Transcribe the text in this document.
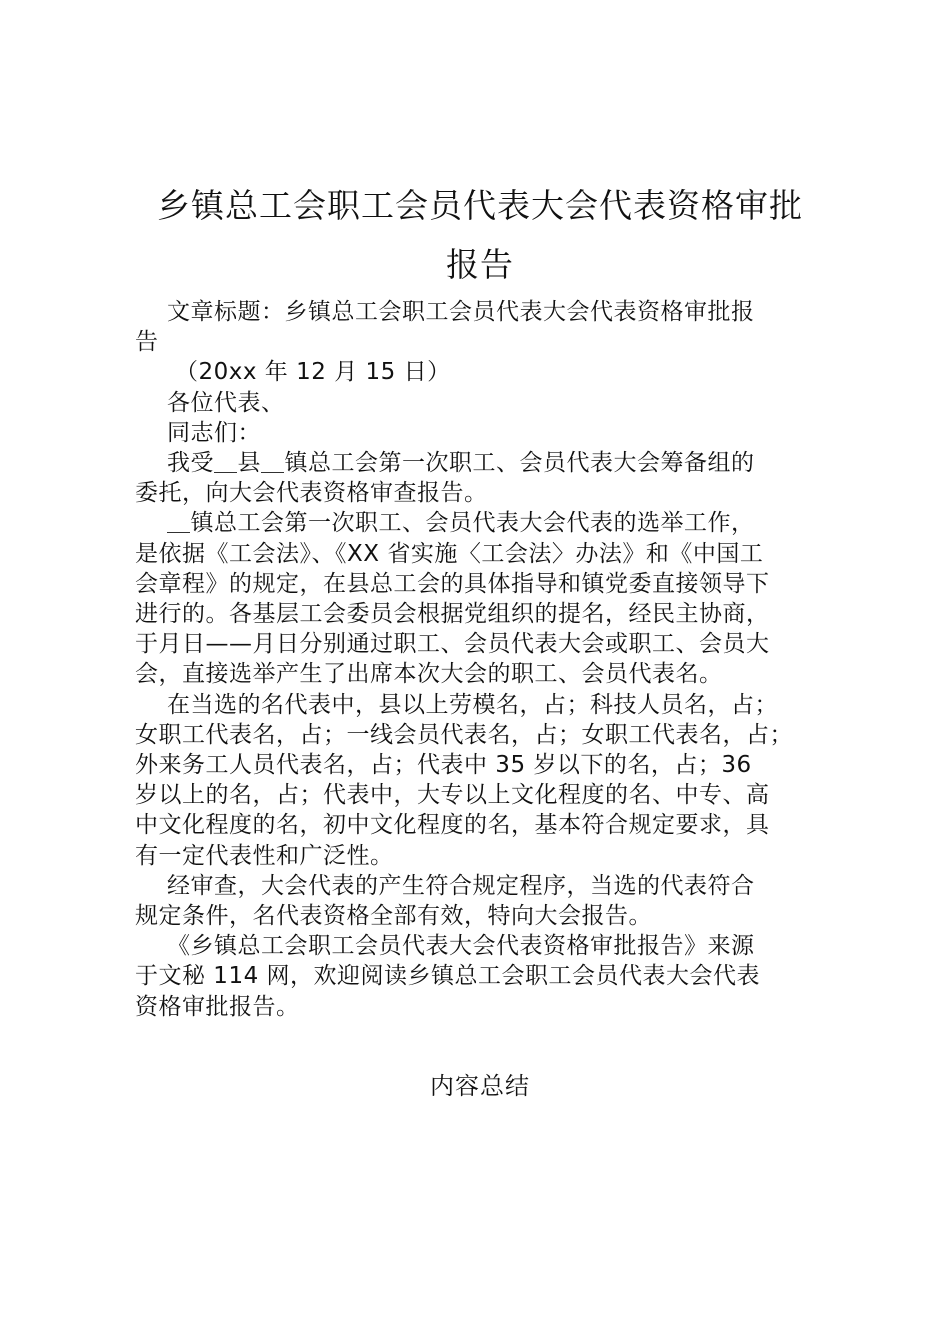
乡镇总工会职工会员代表大会代表资格审批
报告

文章标题：乡镇总工会职工会员代表大会代表资格审批报
告

（20xx 年 12 月 15 日）

各位代表、

同志们：

我受＿县＿镇总工会第一次职工、会员代表大会筹备组的
委托，向大会代表资格审查报告。

＿镇总工会第一次职工、会员代表大会代表的选举工作，
是依据《工会法》、《XX 省实施〈工会法〉办法》和《中国工
会章程》的规定，在县总工会的具体指导和镇党委直接领导下
进行的。各基层工会委员会根据党组织的提名，经民主协商，
于月日——月日分别通过职工、会员代表大会或职工、会员大
会，直接选举产生了出席本次大会的职工、会员代表名。

在当选的名代表中，县以上劳模名，占；科技人员名，占；
女职工代表名，占；一线会员代表名，占；女职工代表名，占；
外来务工人员代表名，占；代表中 35 岁以下的名，占；36
岁以上的名，占；代表中，大专以上文化程度的名、中专、高
中文化程度的名，初中文化程度的名，基本符合规定要求，具
有一定代表性和广泛性。

经审查，大会代表的产生符合规定程序，当选的代表符合
规定条件，名代表资格全部有效，特向大会报告。

《乡镇总工会职工会员代表大会代表资格审批报告》来源
于文秘 114 网，欢迎阅读乡镇总工会职工会员代表大会代表
资格审批报告。

内容总结
